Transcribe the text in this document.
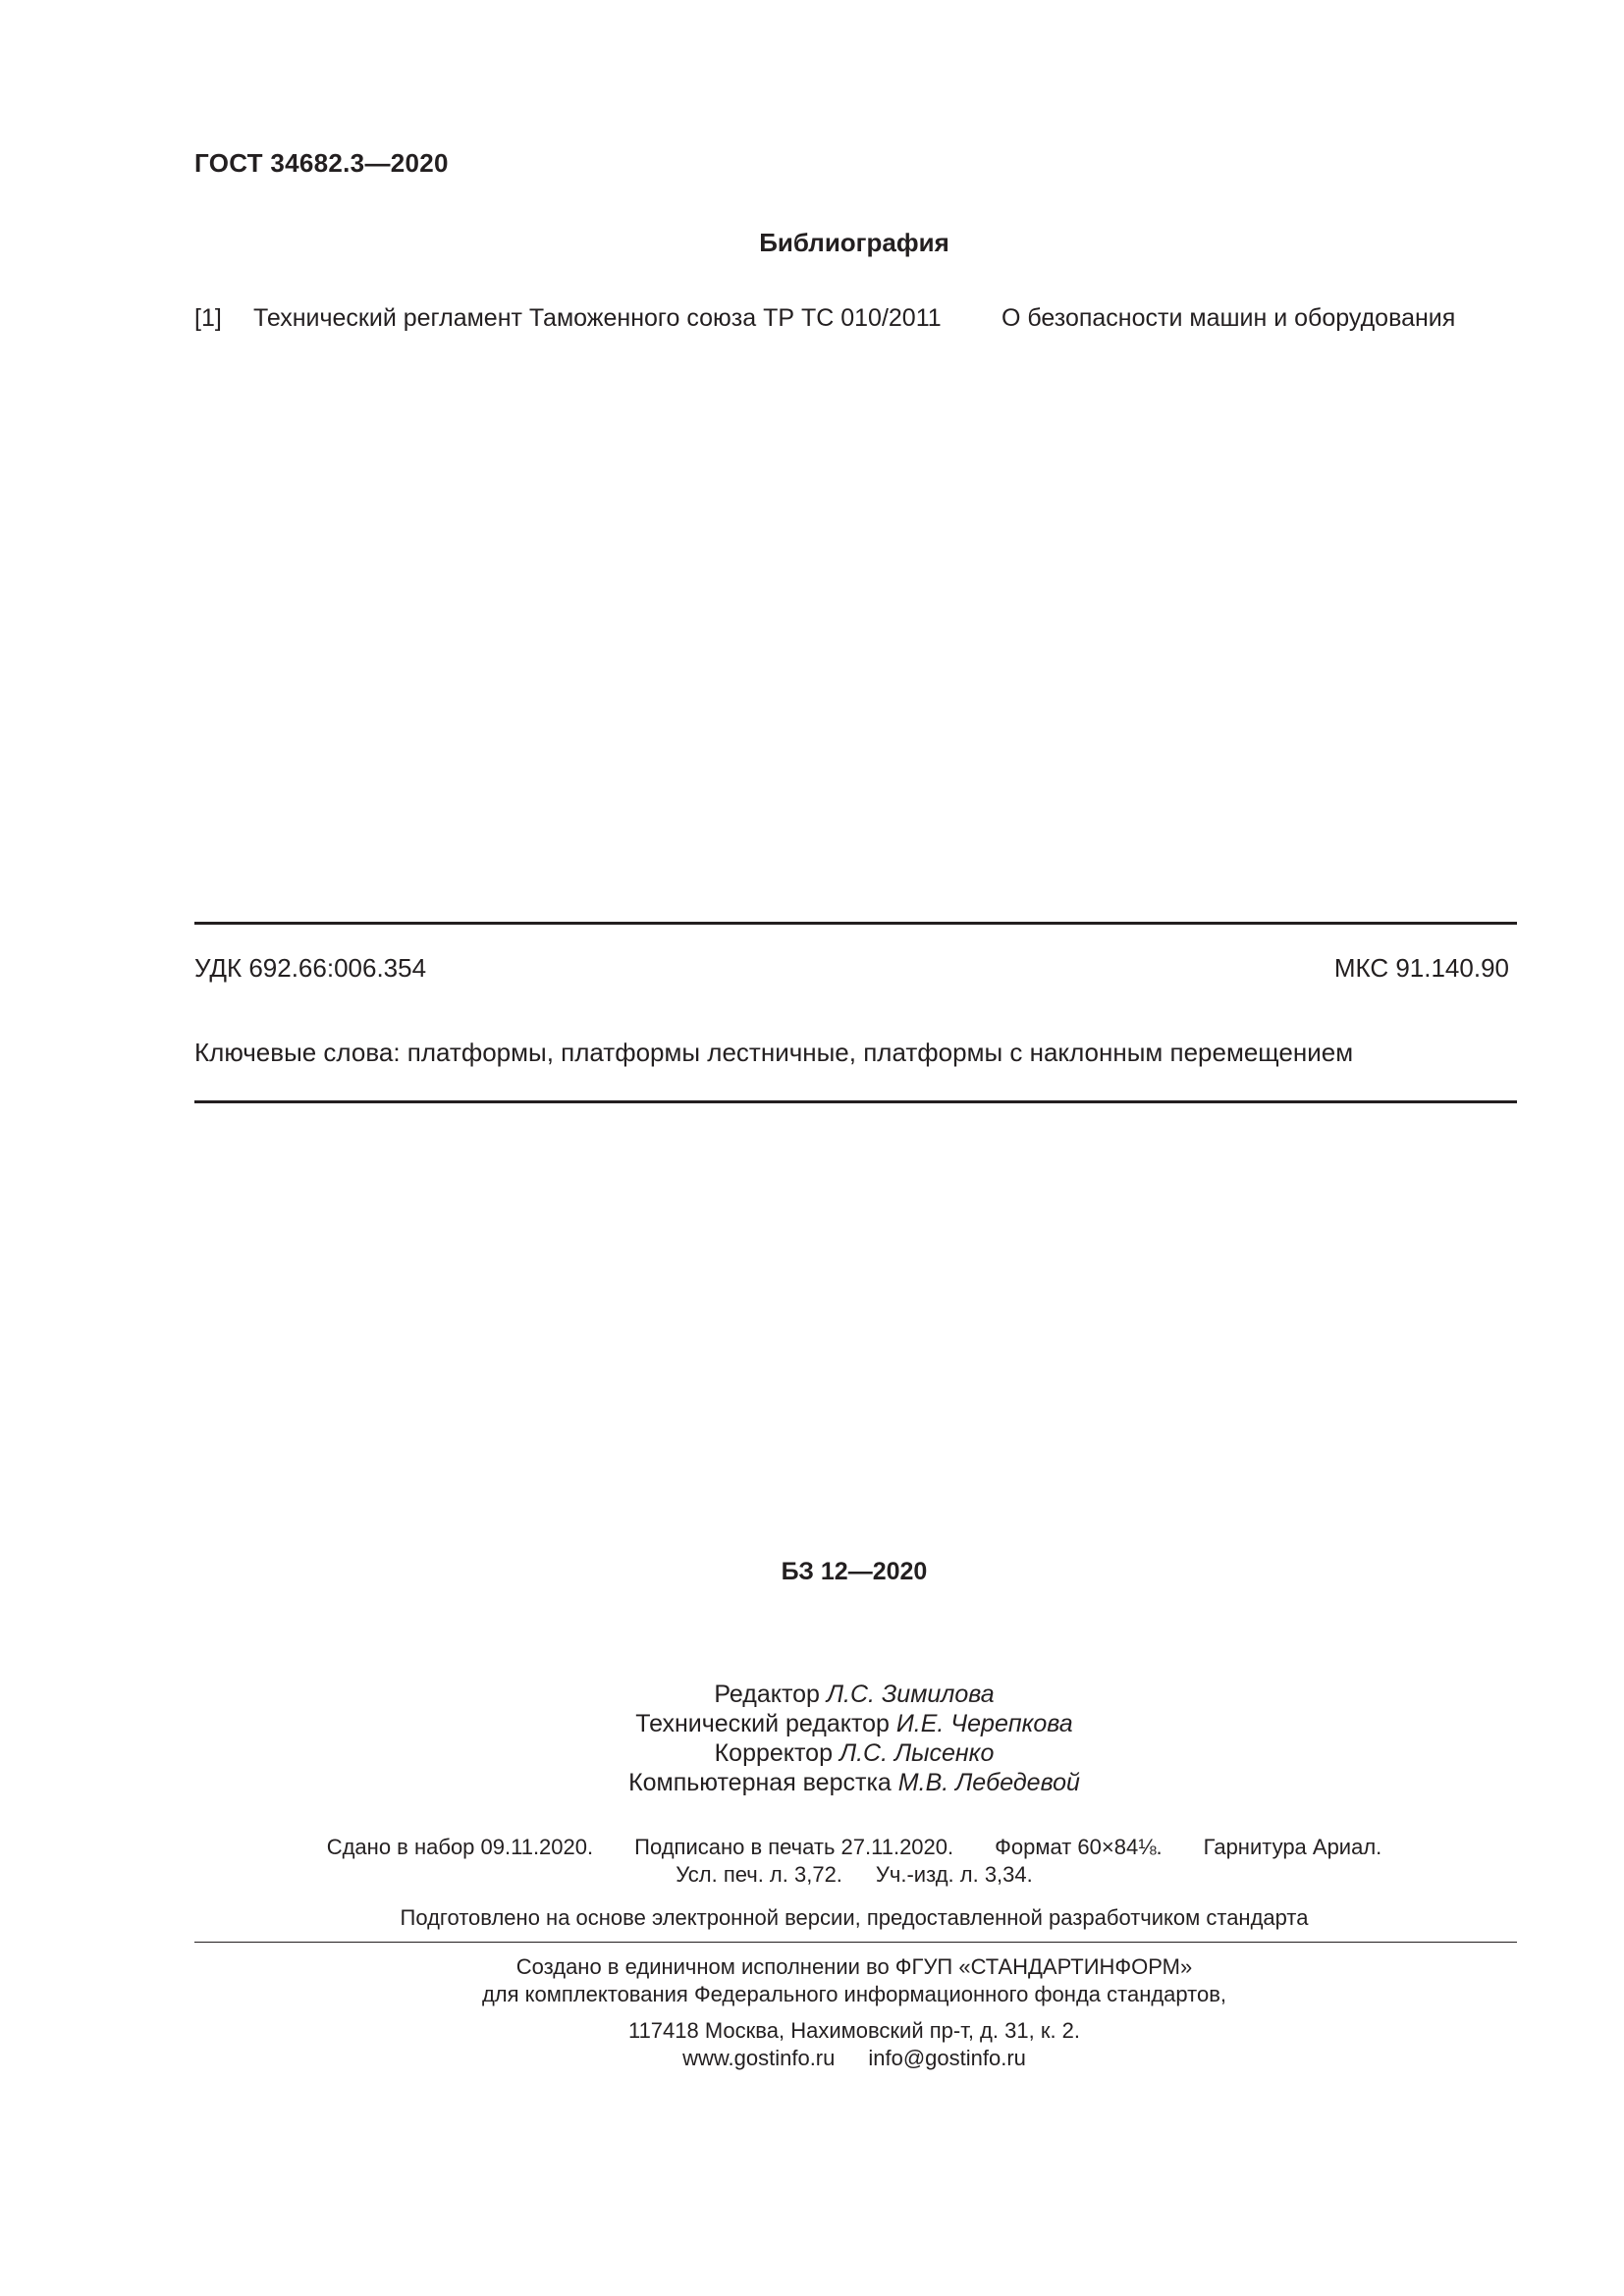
ГОСТ 34682.3—2020
Библиография
[1] Технический регламент Таможенного союза ТР ТС 010/2011 О безопасности машин и оборудования
УДК 692.66:006.354	МКС 91.140.90
Ключевые слова: платформы, платформы лестничные, платформы с наклонным перемещением
БЗ 12—2020
Редактор Л.С. Зимилова
Технический редактор И.Е. Черепкова
Корректор Л.С. Лысенко
Компьютерная верстка М.В. Лебедевой
Сдано в набор 09.11.2020. Подписано в печать 27.11.2020. Формат 60×84⅛. Гарнитура Ариал.
Усл. печ. л. 3,72. Уч.-изд. л. 3,34.
Подготовлено на основе электронной версии, предоставленной разработчиком стандарта
Создано в единичном исполнении во ФГУП «СТАНДАРТИНФОРМ»
для комплектования Федерального информационного фонда стандартов,
117418 Москва, Нахимовский пр-т, д. 31, к. 2.
www.gostinfo.ru info@gostinfo.ru
